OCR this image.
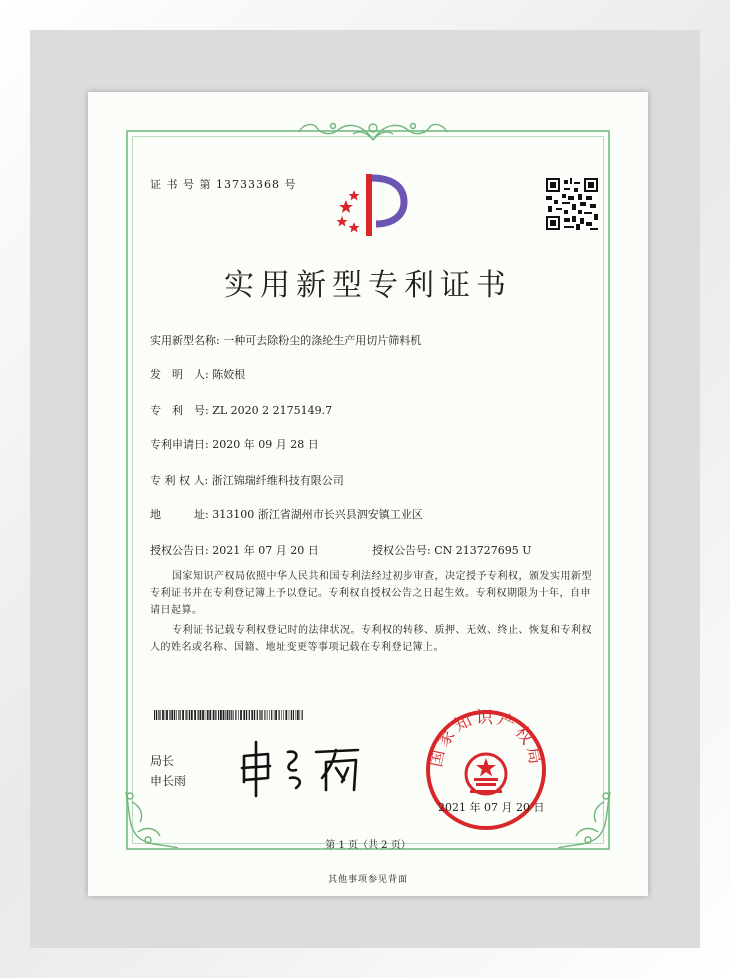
证 书 号 第 13733368 号
实用新型专利证书
实用新型名称: 一种可去除粉尘的涤纶生产用切片筛料机
发　明　人: 陈姣根
专　利　号: ZL 2020 2 2175149.7
专利申请日: 2020 年 09 月 28 日
专 利 权 人: 浙江锦瑞纤维科技有限公司
地　　　址: 313100 浙江省湖州市长兴县泗安镇工业区
授权公告日: 2021 年 07 月 20 日	授权公告号: CN 213727695 U
国家知识产权局依照中华人民共和国专利法经过初步审查，决定授予专利权，颁发实用新型专利证书并在专利登记簿上予以登记。专利权自授权公告之日起生效。专利权期限为十年，自申请日起算。
专利证书记载专利权登记时的法律状况。专利权的转移、质押、无效、终止、恢复和专利权人的姓名或名称、国籍、地址变更等事项记载在专利登记簿上。
局长
申长雨
国家知识产权局
2021 年 07 月 20 日
第 1 页（共 2 页）
其他事项参见背面
